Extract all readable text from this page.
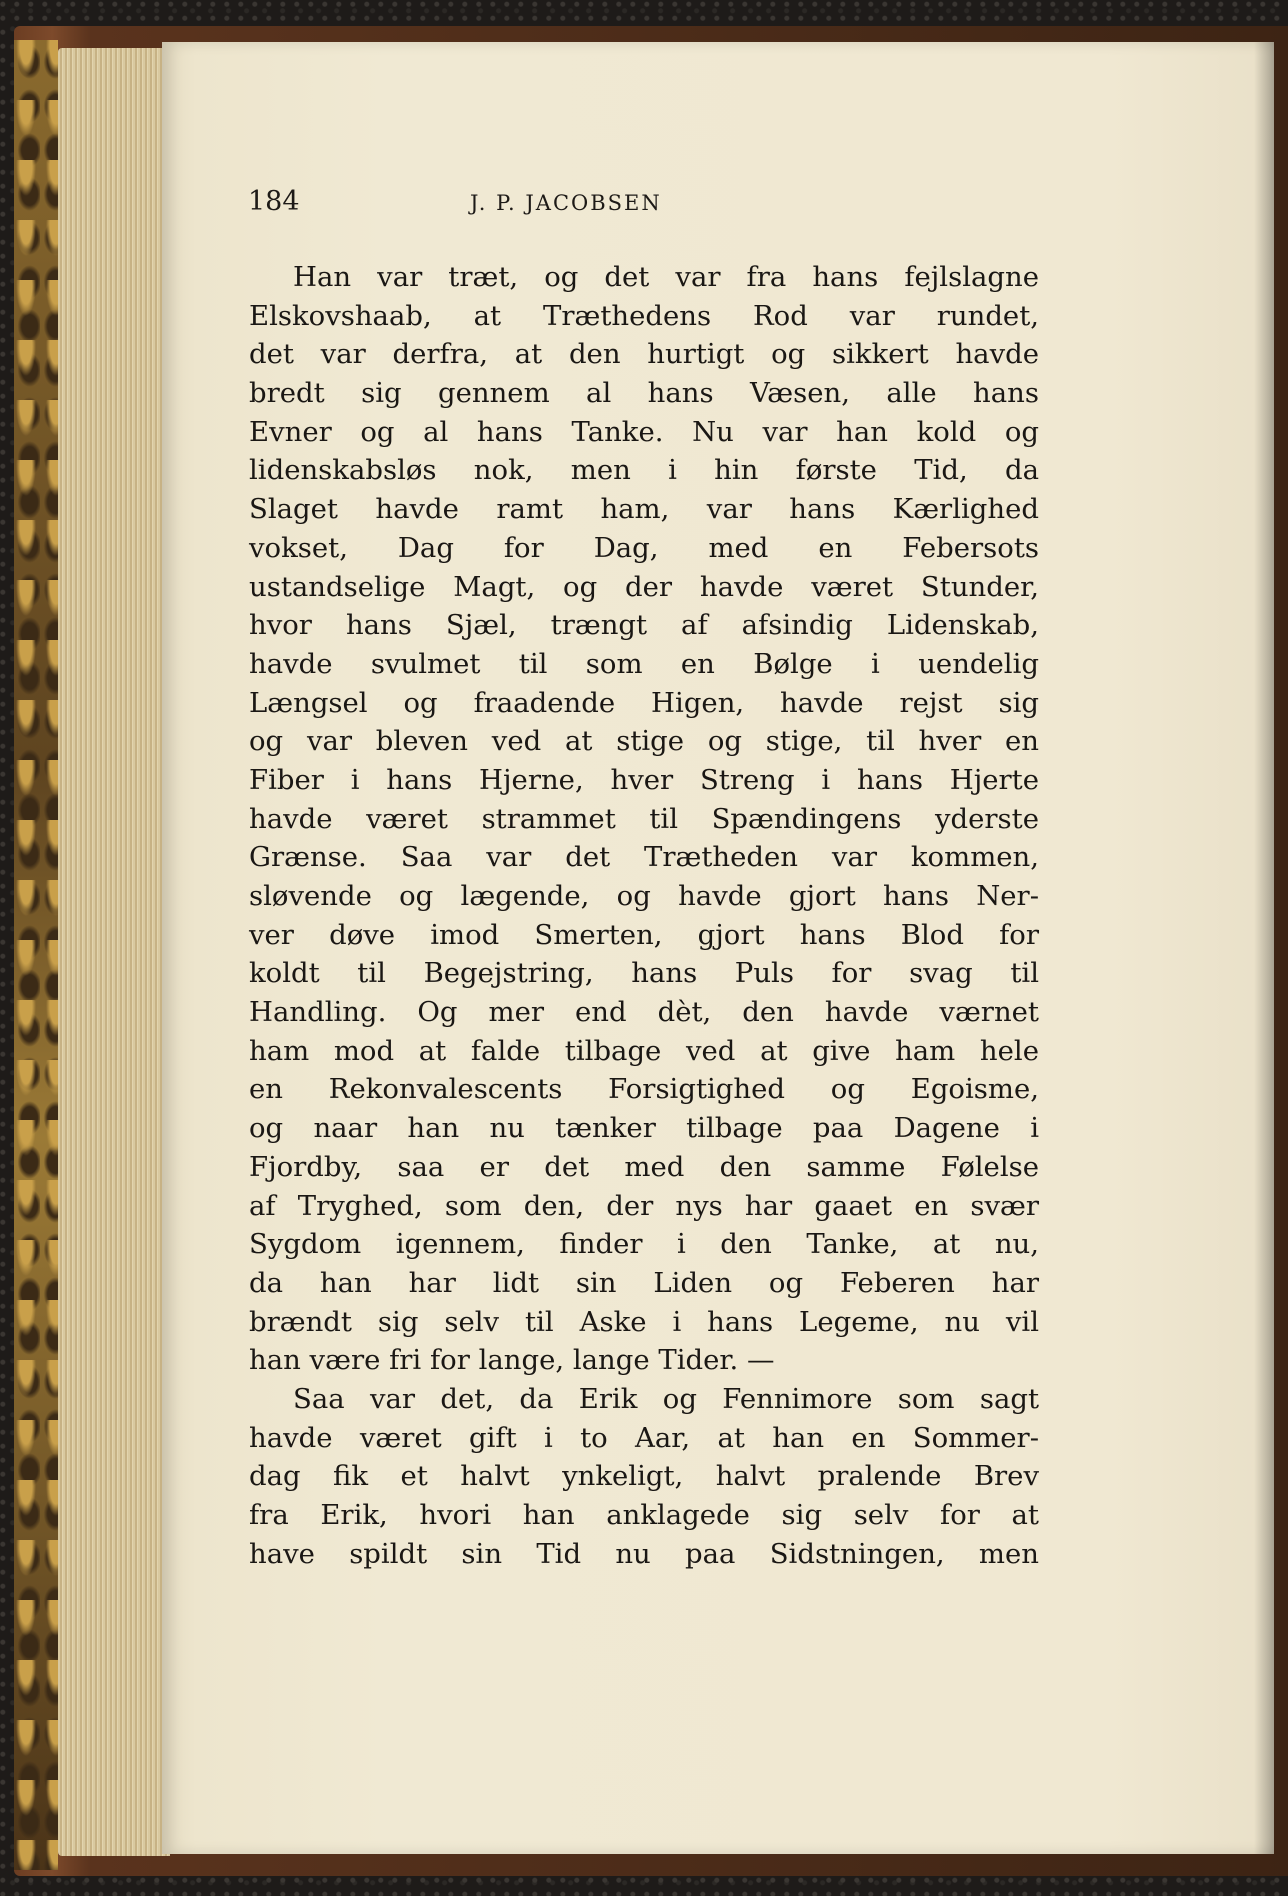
184	J. P. JACOBSEN
Han var træt, og det var fra hans fejlslagne
Elskovshaab, at Træthedens Rod var rundet,
det var derfra, at den hurtigt og sikkert havde
bredt sig gennem al hans Væsen, alle hans
Evner og al hans Tanke. Nu var han kold og
lidenskabsløs nok, men i hin første Tid, da
Slaget havde ramt ham, var hans Kærlighed
vokset, Dag for Dag, med en Febersots
ustandselige Magt, og der havde været Stunder,
hvor hans Sjæl, trængt af afsindig Lidenskab,
havde svulmet til som en Bølge i uendelig
Længsel og fraadende Higen, havde rejst sig
og var bleven ved at stige og stige, til hver en
Fiber i hans Hjerne, hver Streng i hans Hjerte
havde været strammet til Spændingens yderste
Grænse. Saa var det Trætheden var kommen,
sløvende og lægende, og havde gjort hans Ner-
ver døve imod Smerten, gjort hans Blod for
koldt til Begejstring, hans Puls for svag til
Handling. Og mer end dèt, den havde værnet
ham mod at falde tilbage ved at give ham hele
en Rekonvalescents Forsigtighed og Egoisme,
og naar han nu tænker tilbage paa Dagene i
Fjordby, saa er det med den samme Følelse
af Tryghed, som den, der nys har gaaet en svær
Sygdom igennem, finder i den Tanke, at nu,
da han har lidt sin Liden og Feberen har
brændt sig selv til Aske i hans Legeme, nu vil
han være fri for lange, lange Tider. —
Saa var det, da Erik og Fennimore som sagt
havde været gift i to Aar, at han en Sommer-
dag fik et halvt ynkeligt, halvt pralende Brev
fra Erik, hvori han anklagede sig selv for at
have spildt sin Tid nu paa Sidstningen, men
